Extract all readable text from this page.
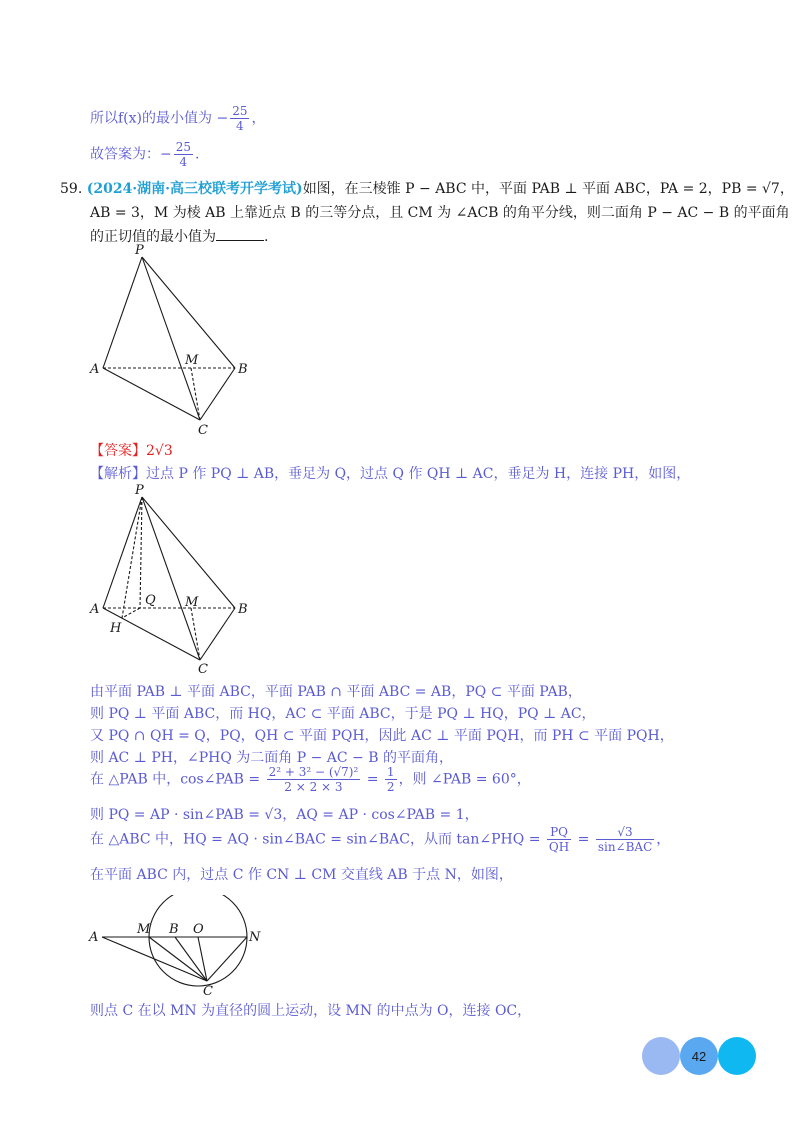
所以f(x)的最小值为 − $\frac{25}{4}$ ，
故答案为：− $\frac{25}{4}$ .
59. (2024·湖南·高三校联考开学考试)如图，在三棱锥 P − ABC 中，平面 PAB ⊥ 平面 ABC，PA = 2，PB = √7，
AB = 3，M 为棱 AB 上靠近点 B 的三等分点，且 CM 为 ∠ACB 的角平分线，则二面角 P − AC − B 的平面角
的正切值的最小值为	.
P
A
M
B
C
【答案】2√3
【解析】过点 P 作 PQ ⊥ AB，垂足为 Q，过点 Q 作 QH ⊥ AC，垂足为 H，连接 PH，如图，
P
A
Q M	B
H
C
由平面 PAB ⊥ 平面 ABC，平面 PAB ∩ 平面 ABC = AB，PQ ⊂ 平面 PAB，
则 PQ ⊥ 平面 ABC，而 HQ，AC ⊂ 平面 ABC，于是 PQ ⊥ HQ，PQ ⊥ AC，
又 PQ ∩ QH = Q，PQ，QH ⊂ 平面 PQH，因此 AC ⊥ 平面 PQH，而 PH ⊂ 平面 PQH，
则 AC ⊥ PH，∠PHQ 为二面角 P − AC − B 的平面角，
在 △PAB 中，cos∠PAB = $\frac{\text{2² + 3² − (√7)²}}{2 \times 2 \times 3} = \frac{1}{2}$ ，则 ∠PAB = 60°，
则 PQ = AP · sin∠PAB = √3，AQ = AP · cos∠PAB = 1，
在 △ABC 中，HQ = AQ · sin∠BAC = sin∠BAC，从而 tan∠PHQ = $\frac{PQ}{QH} = \frac{√3}{\text{sin∠BAC}}$ ，
在平面 ABC 内，过点 C 作 CN ⊥ CM 交直线 AB 于点 N，如图，
A
M B O
N
C
则点 C 在以 MN 为直径的圆上运动，设 MN 的中点为 O，连接 OC，
42
